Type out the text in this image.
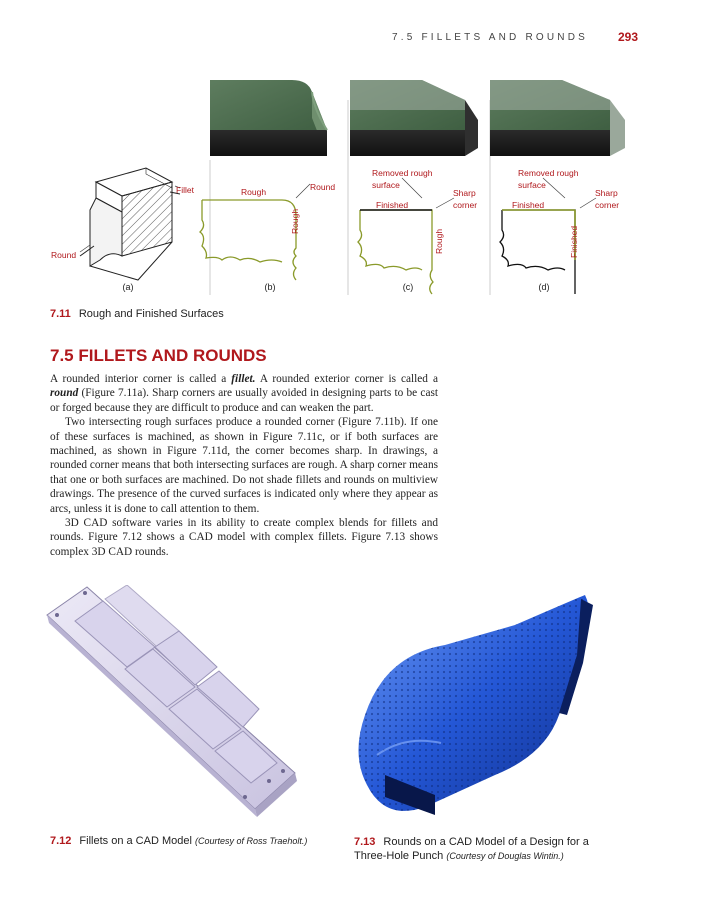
7.5 FILLETS AND ROUNDS 293
Fillet
Round
Rough	Round
Rough
Removed rough
surface
Finished
Sharp
corner
Rough
Removed rough
surface
Finished
Sharp
corner
Finished
(a)	(b)	(c)	(d)
7.11 Rough and Finished Surfaces
7.5 FILLETS AND ROUNDS

A rounded interior corner is called a fillet. A rounded exterior corner is called a round (Figure 7.11a). Sharp corners are usually avoided in designing parts to be cast or forged because they are difficult to produce and can weaken the part.

Two intersecting rough surfaces produce a rounded corner (Figure 7.11b). If one of these surfaces is machined, as shown in Figure 7.11c, or if both surfaces are machined, as shown in Figure 7.11d, the corner becomes sharp. In drawings, a rounded corner means that both intersecting surfaces are rough. A sharp corner means that one or both surfaces are machined. Do not shade fillets and rounds on multiview drawings. The presence of the curved surfaces is indicated only where they appear as arcs, unless it is done to call attention to them.

3D CAD software varies in its ability to create complex blends for fillets and rounds. Figure 7.12 shows a CAD model with complex fillets. Figure 7.13 shows complex 3D CAD rounds.

7.12 Fillets on a CAD Model (Courtesy of Ross Traeholt.)	7.13 Rounds on a CAD Model of a Design for a
Three-Hole Punch (Courtesy of Douglas Wintin.)
